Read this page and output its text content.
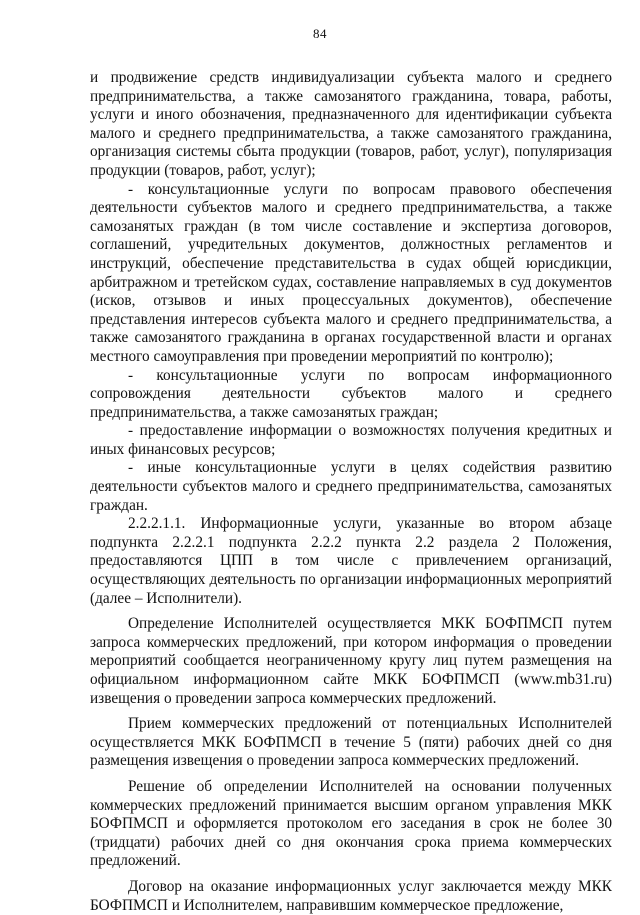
84

и продвижение средств индивидуализации субъекта малого и среднего предпринимательства, а также самозанятого гражданина, товара, работы, услуги и иного обозначения, предназначенного для идентификации субъекта малого и среднего предпринимательства, а также самозанятого гражданина, организация системы сбыта продукции (товаров, работ, услуг), популяризация продукции (товаров, работ, услуг);

- консультационные услуги по вопросам правового обеспечения деятельности субъектов малого и среднего предпринимательства, а также самозанятых граждан (в том числе составление и экспертиза договоров, соглашений, учредительных документов, должностных регламентов и инструкций, обеспечение представительства в судах общей юрисдикции, арбитражном и третейском судах, составление направляемых в суд документов (исков, отзывов и иных процессуальных документов), обеспечение представления интересов субъекта малого и среднего предпринимательства, а также самозанятого гражданина в органах государственной власти и органах местного самоуправления при проведении мероприятий по контролю);

- консультационные услуги по вопросам информационного сопровождения деятельности субъектов малого и среднего предпринимательства, а также самозанятых граждан;

- предоставление информации о возможностях получения кредитных и иных финансовых ресурсов;

- иные консультационные услуги в целях содействия развитию деятельности субъектов малого и среднего предпринимательства, самозанятых граждан.

2.2.2.1.1. Информационные услуги, указанные во втором абзаце подпункта 2.2.2.1 подпункта 2.2.2 пункта 2.2 раздела 2 Положения, предоставляются ЦПП в том числе с привлечением организаций, осуществляющих деятельность по организации информационных мероприятий (далее – Исполнители).

Определение Исполнителей осуществляется МКК БОФПМСП путем запроса коммерческих предложений, при котором информация о проведении мероприятий сообщается неограниченному кругу лиц путем размещения на официальном информационном сайте МКК БОФПМСП (www.mb31.ru) извещения о проведении запроса коммерческих предложений.

Прием коммерческих предложений от потенциальных Исполнителей осуществляется МКК БОФПМСП в течение 5 (пяти) рабочих дней со дня размещения извещения о проведении запроса коммерческих предложений.

Решение об определении Исполнителей на основании полученных коммерческих предложений принимается высшим органом управления МКК БОФПМСП и оформляется протоколом его заседания в срок не более 30 (тридцати) рабочих дней со дня окончания срока приема коммерческих предложений.

Договор на оказание информационных услуг заключается между МКК БОФПМСП и Исполнителем, направившим коммерческое предложение,
